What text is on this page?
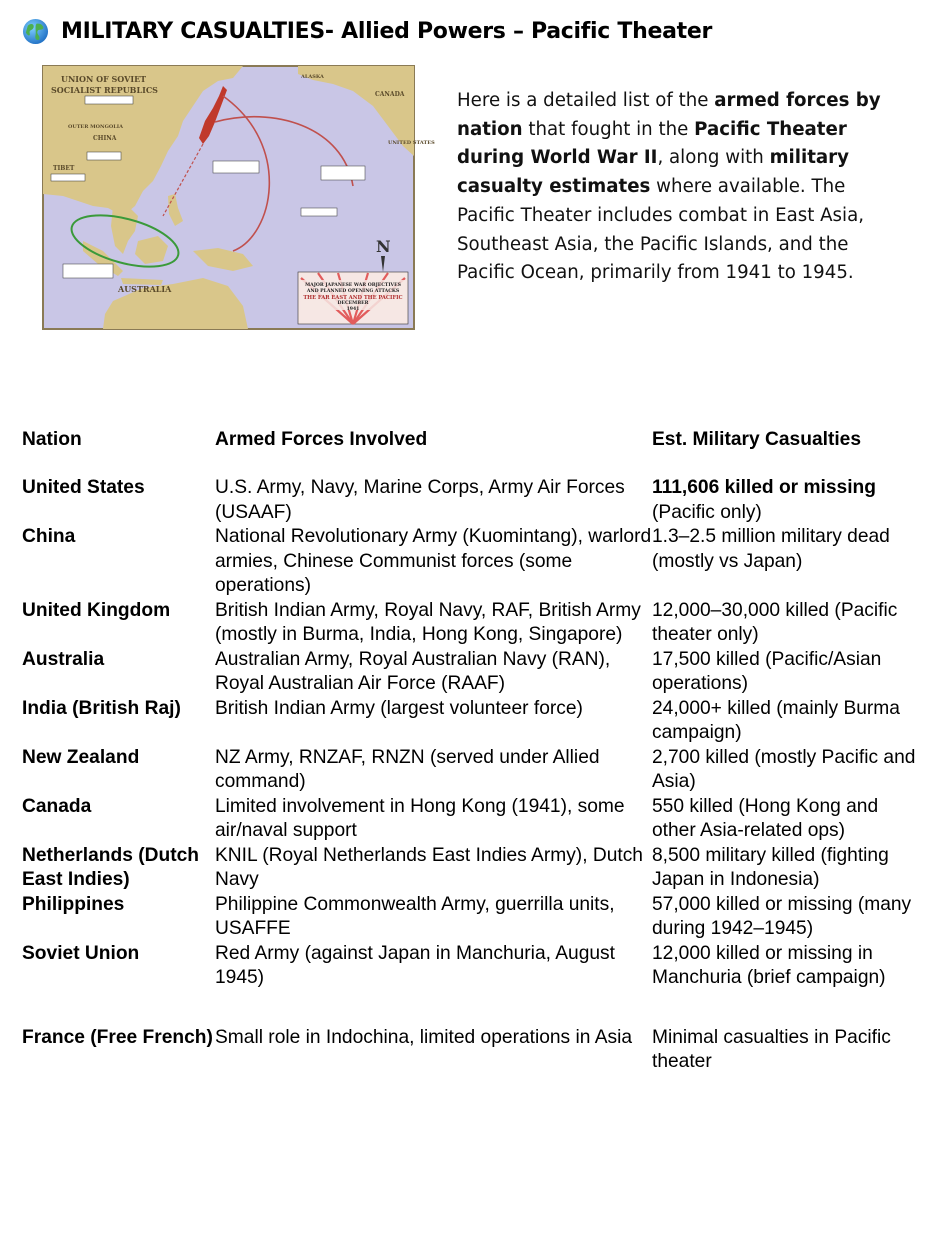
MILITARY CASUALTIES- Allied Powers – Pacific Theater
UNION OF SOVIET
SOCIALIST REPUBLICS
OUTER MONGOLIA
CHINA
TIBET
AUSTRALIA
CANADA
ALASKA
UNITED STATES
N
MAJOR JAPANESE WAR OBJECTIVES
AND PLANNED OPENING ATTACKS
THE FAR EAST AND THE PACIFIC
DECEMBER
1941
Here is a detailed list of the armed forces by nation that fought in the Pacific Theater during World War II, along with military casualty estimates where available. The Pacific Theater includes combat in East Asia, Southeast Asia, the Pacific Islands, and the Pacific Ocean, primarily from 1941 to 1945.
Nation	Armed Forces Involved	Est. Military Casualties
United States	U.S. Army, Navy, Marine Corps, Army Air Forces (USAAF)	111,606 killed or missing
(Pacific only)
China	National Revolutionary Army (Kuomintang), warlord armies, Chinese Communist forces (some operations)	1.3–2.5 million military dead (mostly vs Japan)
United Kingdom	British Indian Army, Royal Navy, RAF, British Army (mostly in Burma, India, Hong Kong, Singapore)	12,000–30,000 killed (Pacific theater only)
Australia	Australian Army, Royal Australian Navy (RAN), Royal Australian Air Force (RAAF)	17,500 killed (Pacific/Asian operations)
India (British Raj)	British Indian Army (largest volunteer force)	24,000+ killed (mainly Burma campaign)
New Zealand	NZ Army, RNZAF, RNZN (served under Allied command)	2,700 killed (mostly Pacific and Asia)
Canada	Limited involvement in Hong Kong (1941), some air/naval support	550 killed (Hong Kong and other Asia-related ops)
Netherlands (Dutch East Indies)	KNIL (Royal Netherlands East Indies Army), Dutch Navy	8,500 military killed (fighting Japan in Indonesia)
Philippines	Philippine Commonwealth Army, guerrilla units, USAFFE	57,000 killed or missing (many during 1942–1945)
Soviet Union	Red Army (against Japan in Manchuria, August 1945)	12,000 killed or missing in Manchuria (brief campaign)
France (Free French)	Small role in Indochina, limited operations in Asia	Minimal casualties in Pacific theater
